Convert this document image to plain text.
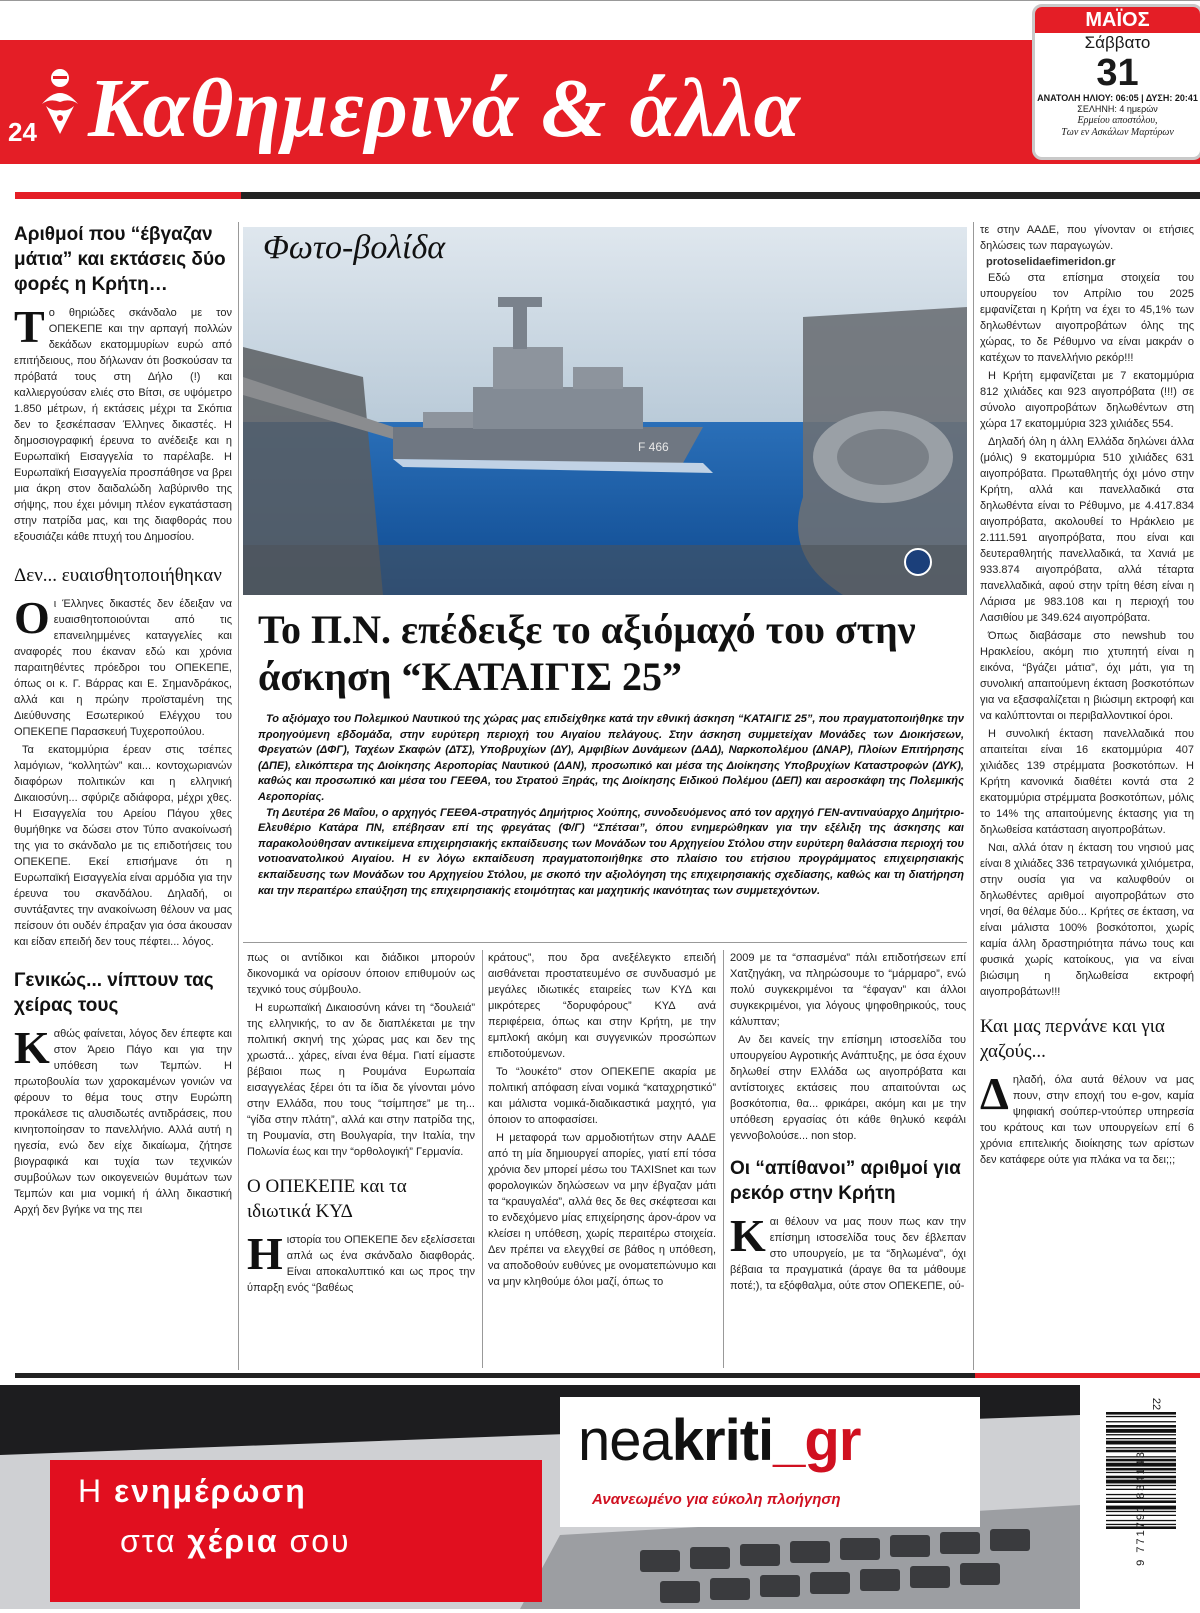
24 Καθημερινά & άλλα
ΜΑΪΟΣ
Σάββατο
31
ΑΝΑΤΟΛΗ ΗΛΙΟΥ: 06:05 | ΔΥΣΗ: 20:41
ΣΕΛΗΝΗ: 4 ημερών
Ερμείου αποστόλου,
Των εν Ασκάλων Μαρτύρων
Αριθμοί που “έβγαζαν μάτια” και εκτάσεις δύο φορές η Κρήτη…

Το θηριώδες σκάνδαλο με τον ΟΠΕΚΕΠΕ και την αρπαγή πολλών δεκάδων εκατομμυρίων ευρώ από επιτήδειους, που δήλωναν ότι βοσκούσαν τα πρόβατά τους στη Δήλο (!) και καλλιεργούσαν ελιές στο Βίτσι, σε υψόμετρο 1.850 μέτρων, ή εκτάσεις μέχρι τα Σκόπια δεν το ξεσκέπασαν Έλληνες δικαστές. Η δημοσιογραφική έρευνα το ανέδειξε και η Ευρωπαϊκή Εισαγγελία το παρέλαβε. Η Ευρωπαϊκή Εισαγγελία προσπάθησε να βρει μια άκρη στον δαιδαλώδη λαβύρινθο της σήψης, που έχει μόνιμη πλέον εγκατάσταση στην πατρίδα μας, και της διαφθοράς που εξουσιάζει κάθε πτυχή του Δημοσίου.

Δεν... ευαισθητοποιήθηκαν

Οι Έλληνες δικαστές δεν έδειξαν να ευαισθητοποιούνται από τις επανειλημμένες καταγγελίες και αναφορές που έκαναν εδώ και χρόνια παραιτηθέντες πρόεδροι του ΟΠΕΚΕΠΕ, όπως οι κ. Γ. Βάρρας και Ε. Σημανδράκος, αλλά και η πρώην προϊσταμένη της Διεύθυνσης Εσωτερικού Ελέγχου του ΟΠΕΚΕΠΕ Παρασκευή Τυχεροπούλου.

Τα εκατομμύρια έρεαν στις τσέπες λαμόγιων, “κολλητών” και... κοντοχωριανών διαφόρων πολιτικών και η ελληνική Δικαιοσύνη... σφύριζε αδιάφορα, μέχρι χθες. Η Εισαγγελία του Αρείου Πάγου χθες θυμήθηκε να δώσει στον Τύπο ανακοίνωσή της για το σκάνδαλο με τις επιδοτήσεις του ΟΠΕΚΕΠΕ. Εκεί επισήμανε ότι η Ευρωπαϊκή Εισαγγελία είναι αρμόδια για την έρευνα του σκανδάλου. Δηλαδή, οι συντάξαντες την ανακοίνωση θέλουν να μας πείσουν ότι ουδέν έπραξαν για όσα άκουσαν και είδαν επειδή δεν τους πέφτει... λόγος.

Γενικώς... νίπτουν τας χείρας τους

Καθώς φαίνεται, λόγος δεν έπεφτε και στον Άρειο Πάγο και για την υπόθεση των Τεμπών. Η πρωτοβουλία των χαροκαμένων γονιών να φέρουν το θέμα τους στην Ευρώπη προκάλεσε τις αλυσιδωτές αντιδράσεις, που κινητοποίησαν το πανελλήνιο. Αλλά αυτή η ηγεσία, ενώ δεν είχε δικαίωμα, ζήτησε βιογραφικά και τυχία των τεχνικών συμβούλων των οικογενειών θυμάτων των Τεμπών και μια νομική ή άλλη δικαστική Αρχή δεν βγήκε να της πει

F 466
Φωτο-βολίδα
Το Π.Ν. επέδειξε το αξιόμαχό του στην άσκηση “ΚΑΤΑΙΓΙΣ 25”

Το αξιόμαχο του Πολεμικού Ναυτικού της χώρας μας επιδείχθηκε κατά την εθνική άσκηση “ΚΑΤΑΙΓΙΣ 25”, που πραγματοποιήθηκε την προηγούμενη εβδομάδα, στην ευρύτερη περιοχή του Αιγαίου πελάγους. Στην άσκηση συμμετείχαν Μονάδες των Διοικήσεων, Φρεγατών (ΔΦΓ), Ταχέων Σκαφών (ΔΤΣ), Υποβρυχίων (ΔΥ), Αμφιβίων Δυνάμεων (ΔΑΔ), Ναρκοπολέμου (ΔΝΑΡ), Πλοίων Επιτήρησης (ΔΠΕ), ελικόπτερα της Διοίκησης Αεροπορίας Ναυτικού (ΔΑΝ), προσωπικό και μέσα της Διοίκησης Υποβρυχίων Καταστροφών (ΔΥΚ), καθώς και προσωπικό και μέσα του ΓΕΕΘΑ, του Στρατού Ξηράς, της Διοίκησης Ειδικού Πολέμου (ΔΕΠ) και αεροσκάφη της Πολεμικής Αεροπορίας.

Τη Δευτέρα 26 Μαΐου, ο αρχηγός ΓΕΕΘΑ-στρατηγός Δημήτριος Χούπης, συνοδευόμενος από τον αρχηγό ΓΕΝ-αντιναύαρχο Δημήτριο-Ελευθέριο Κατάρα ΠΝ, επέβησαν επί της φρεγάτας (Φ/Γ) “Σπέτσαι”, όπου ενημερώθηκαν για την εξέλιξη της άσκησης και παρακολούθησαν αντικείμενα επιχειρησιακής εκπαίδευσης των Μονάδων του Αρχηγείου Στόλου στην ευρύτερη θαλάσσια περιοχή του νοτιοανατολικού Αιγαίου. Η εν λόγω εκπαίδευση πραγματοποιήθηκε στο πλαίσιο του ετήσιου προγράμματος επιχειρησιακής εκπαίδευσης των Μονάδων του Αρχηγείου Στόλου, με σκοπό την αξιολόγηση της επιχειρησιακής σχεδίασης, καθώς και τη διατήρηση και την περαιτέρω επαύξηση της επιχειρησιακής ετοιμότητας και μαχητικής ικανότητας των συμμετεχόντων.

πως οι αντίδικοι και διάδικοι μπορούν δικονομικά να ορίσουν όποιον επιθυμούν ως τεχνικό τους σύμβουλο.

Η ευρωπαϊκή Δικαιοσύνη κάνει τη “δουλειά” της ελληνικής, το αν δε διαπλέκεται με την πολιτική σκηνή της χώρας μας και δεν της χρωστά... χάρες, είναι ένα θέμα. Γιατί είμαστε βέβαιοι πως η Ρουμάνα Ευρωπαία εισαγγελέας ξέρει ότι τα ίδια δε γίνονται μόνο στην Ελλάδα, που τους “τσίμπησε” με τη... “γίδα στην πλάτη”, αλλά και στην πατρίδα της, τη Ρουμανία, στη Βουλγαρία, την Ιταλία, την Πολωνία έως και την “ορθολογική” Γερμανία.

Ο ΟΠΕΚΕΠΕ και τα ιδιωτικά ΚΥΔ

Ηιστορία του ΟΠΕΚΕΠΕ δεν εξελίσσεται απλά ως ένα σκάνδαλο διαφθοράς. Είναι αποκαλυπτικό και ως προς την ύπαρξη ενός “βαθέως

κράτους”, που δρα ανεξέλεγκτο επειδή αισθάνεται προστατευμένο σε συνδυασμό με μεγάλες ιδιωτικές εταιρείες των ΚΥΔ και μικρότερες “δορυφόρους” ΚΥΔ ανά περιφέρεια, όπως και στην Κρήτη, με την εμπλοκή ακόμη και συγγενικών προσώπων επιδοτούμενων.

Το “λουκέτο” στον ΟΠΕΚΕΠΕ ακαρία με πολιτική απόφαση είναι νομικά “καταχρηστικό” και μάλιστα νομικά-διαδικαστικά μαχητό, για όποιον το αποφασίσει.

Η μεταφορά των αρμοδιοτήτων στην ΑΑΔΕ από τη μία δημιουργεί απορίες, γιατί επί τόσα χρόνια δεν μπορεί μέσω του TAXISnet και των φορολογικών δηλώσεων να μην έβγαζαν μάτι τα “κραυγαλέα”, αλλά θες δε θες σκέφτεσαι και το ενδεχόμενο μίας επιχείρησης άρον-άρον να κλείσει η υπόθεση, χωρίς περαιτέρω στοιχεία. Δεν πρέπει να ελεγχθεί σε βάθος η υπόθεση, να αποδοθούν ευθύνες με ονοματεπώνυμο και να μην κληθούμε όλοι μαζί, όπως το

2009 με τα “σπασμένα” πάλι επιδοτήσεων επί Χατζηγάκη, να πληρώσουμε το “μάρμαρο”, ενώ πολύ συγκεκριμένοι τα “έφαγαν” και άλλοι συγκεκριμένοι, για λόγους ψηφοθηρικούς, τους κάλυπταν;

Αν δει κανείς την επίσημη ιστοσελίδα του υπουργείου Αγροτικής Ανάπτυξης, με όσα έχουν δηλωθεί στην Ελλάδα ως αιγοπρόβατα και αντίστοιχες εκτάσεις που απαιτούνται ως βοσκότοπια, θα... φρικάρει, ακόμη και με την υπόθεση εργασίας ότι κάθε θηλυκό κεφάλι γεννοβολούσε... non stop.

Οι “απίθανοι” αριθμοί για ρεκόρ στην Κρήτη

Και θέλουν να μας πουν πως καν την επίσημη ιστοσελίδα τους δεν έβλεπαν στο υπουργείο, με τα “δηλωμένα”, όχι βέβαια τα πραγματικά (άραγε θα τα μάθουμε ποτέ;), τα εξόφθαλμα, ούτε στον ΟΠΕΚΕΠΕ, ού-

τε στην ΑΑΔΕ, που γίνονταν οι ετήσιες δηλώσεις των παραγωγών.

protoselidaefimeridon.gr

Εδώ στα επίσημα στοιχεία του υπουργείου τον Απρίλιο του 2025 εμφανίζεται η Κρήτη να έχει το 45,1% των δηλωθέντων αιγοπροβάτων όλης της χώρας, το δε Ρέθυμνο να είναι μακράν ο κατέχων το πανελλήνιο ρεκόρ!!!

Η Κρήτη εμφανίζεται με 7 εκατομμύρια 812 χιλιάδες και 923 αιγοπρόβατα (!!!) σε σύνολο αιγοπροβάτων δηλωθέντων στη χώρα 17 εκατομμύρια 323 χιλιάδες 554.

Δηλαδή όλη η άλλη Ελλάδα δηλώνει άλλα (μόλις) 9 εκατομμύρια 510 χιλιάδες 631 αιγοπρόβατα. Πρωταθλητής όχι μόνο στην Κρήτη, αλλά και πανελλαδικά στα δηλωθέντα είναι το Ρέθυμνο, με 4.417.834 αιγοπρόβατα, ακολουθεί το Ηράκλειο με 2.111.591 αιγοπρόβατα, που είναι και δευτεραθλητής πανελλαδικά, τα Χανιά με 933.874 αιγοπρόβατα, αλλά τέταρτα πανελλαδικά, αφού στην τρίτη θέση είναι η Λάρισα με 983.108 και η περιοχή του Λασιθίου με 349.624 αιγοπρόβατα.

Όπως διαβάσαμε στο newshub του Ηρακλείου, ακόμη πιο χτυπητή είναι η εικόνα, “βγάζει μάτια”, όχι μάτι, για τη συνολική απαιτούμενη έκταση βοσκοτόπων για να εξασφαλίζεται η βιώσιμη εκτροφή και να καλύπτονται οι περιβαλλοντικοί όροι.

Η συνολική έκταση πανελλαδικά που απαιτείται είναι 16 εκατομμύρια 407 χιλιάδες 139 στρέμματα βοσκοτόπων. Η Κρήτη κανονικά διαθέτει κοντά στα 2 εκατομμύρια στρέμματα βοσκοτόπων, μόλις το 14% της απαιτούμενης έκτασης για τη δηλωθείσα κατάσταση αιγοπροβάτων.

Ναι, αλλά όταν η έκταση του νησιού μας είναι 8 χιλιάδες 336 τετραγωνικά χιλιόμετρα, στην ουσία για να καλυφθούν οι δηλωθέντες αριθμοί αιγοπροβάτων στο νησί, θα θέλαμε δύο... Κρήτες σε έκταση, να είναι μάλιστα 100% βοσκότοποι, χωρίς καμία άλλη δραστηριότητα πάνω τους και φυσικά χωρίς κατοίκους, για να είναι βιώσιμη η δηλωθείσα εκτροφή αιγοπροβάτων!!!

Και μας περνάνε και για χαζούς...

Δηλαδή, όλα αυτά θέλουν να μας πουν, στην εποχή του e-gov, καμία ψηφιακή σούπερ-ντούπερ υπηρεσία του κράτους και των υπουργείων επί 6 χρόνια επιτελικής διοίκησης των αρίστων δεν κατάφερε ούτε για πλάκα να τα δει;;;

Η ενημέρωση
στα χέρια σου
neakriti_gr
Ανανεωμένο για εύκολη πλοήγηση
22
9 771791 834143
